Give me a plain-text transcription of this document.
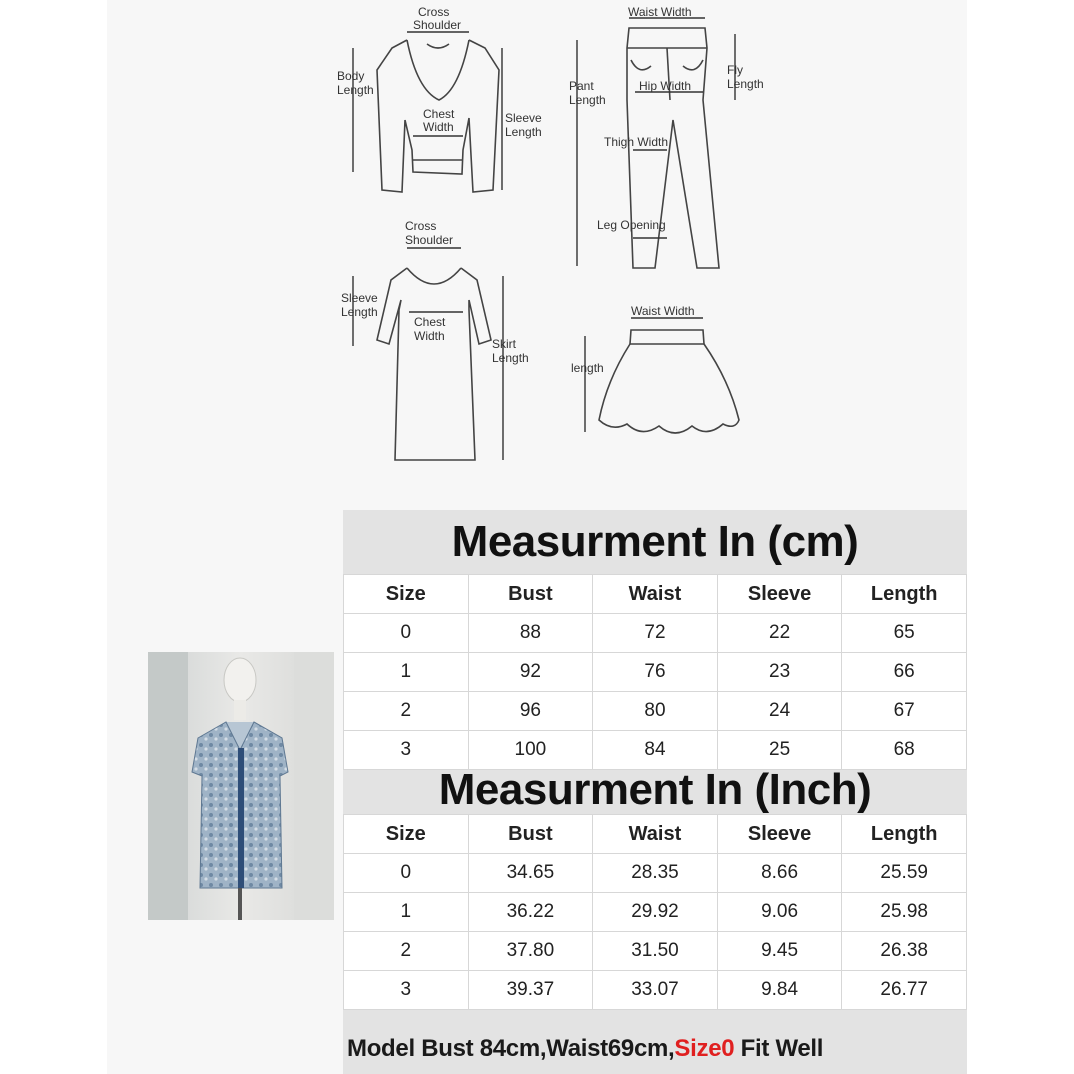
Cross
Shoulder
Body
Length
Chest
Width
Sleeve
Length
Waist Width
Fly
Length
Pant
Length
Hip Width
Thigh Width
Leg Opening
Cross
Shoulder
Sleeve
Length
Chest
Width
Skirt
Length
Waist Width
length
Measurment In (cm)
Size	Bust	Waist	Sleeve	Length
0	88	72	22	65
1	92	76	23	66
2	96	80	24	67
3	100	84	25	68
Measurment In (Inch)
Size	Bust	Waist	Sleeve	Length
0	34.65	28.35	8.66	25.59
1	36.22	29.92	9.06	25.98
2	37.80	31.50	9.45	26.38
3	39.37	33.07	9.84	26.77
Model Bust 84cm,Waist69cm,Size0 Fit Well
